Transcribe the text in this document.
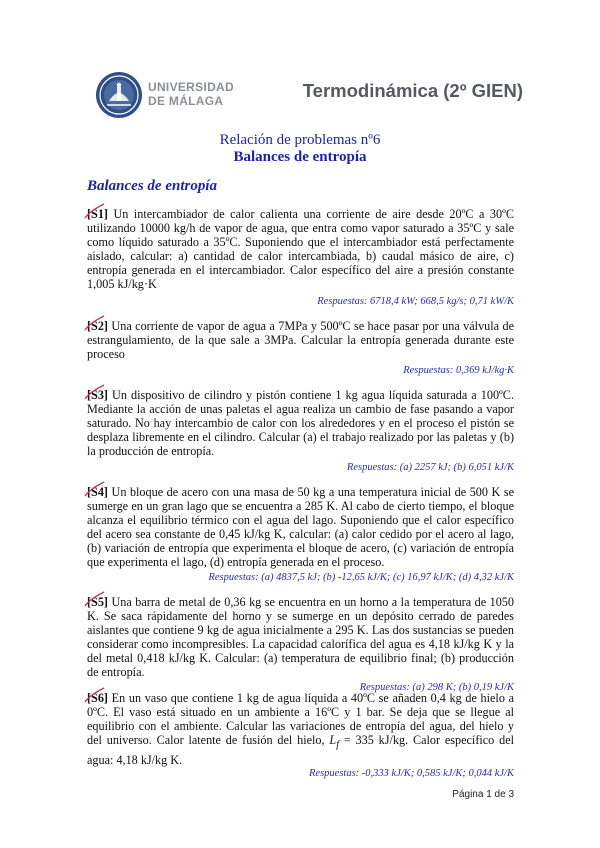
UNIVERSIDAD
DE MÁLAGA	Termodinámica (2º GIEN)
Relación de problemas nº6
Balances de entropía
Balances de entropía
[S1] Un intercambiador de calor calienta una corriente de aire desde 20ºC a 30ºC utilizando 10000 kg/h de vapor de agua, que entra como vapor saturado a 35ºC y sale como líquido saturado a 35ºC. Suponiendo que el intercambiador está perfectamente aislado, calcular: a) cantidad de calor intercambiada, b) caudal másico de aire, c) entropía generada en el intercambiador. Calor específico del aire a presión constante 1,005 kJ/kg·K
Respuestas: 6718,4 kW; 668,5 kg/s; 0,71 kW/K
[S2] Una corriente de vapor de agua a 7MPa y 500ºC se hace pasar por una válvula de estrangulamiento, de la que sale a 3MPa. Calcular la entropía generada durante este proceso
Respuestas: 0,369 kJ/kg·K
[S3] Un dispositivo de cilindro y pistón contiene 1 kg agua líquida saturada a 100ºC. Mediante la acción de unas paletas el agua realiza un cambio de fase pasando a vapor saturado. No hay intercambio de calor con los alrededores y en el proceso el pistón se desplaza libremente en el cilindro. Calcular (a) el trabajo realizado por las paletas y (b) la producción de entropía.
Respuestas: (a) 2257 kJ; (b) 6,051 kJ/K
[S4] Un bloque de acero con una masa de 50 kg a una temperatura inicial de 500 K se sumerge en un gran lago que se encuentra a 285 K. Al cabo de cierto tiempo, el bloque alcanza el equilibrio térmico con el agua del lago. Suponiendo que el calor específico del acero sea constante de 0,45 kJ/kg K, calcular: (a) calor cedido por el acero al lago, (b) variación de entropía que experimenta el bloque de acero, (c) variación de entropía que experimenta el lago, (d) entropía generada en el proceso.
Respuestas: (a) 4837,5 kJ; (b) -12,65 kJ/K; (c) 16,97 kJ/K; (d) 4,32 kJ/K
[S5] Una barra de metal de 0,36 kg se encuentra en un horno a la temperatura de 1050 K. Se saca rápidamente del horno y se sumerge en un depósito cerrado de paredes aislantes que contiene 9 kg de agua inicialmente a 295 K. Las dos sustancias se pueden considerar como incompresibles. La capacidad calorífica del agua es 4,18 kJ/kg K y la del metal 0,418 kJ/kg K. Calcular: (a) temperatura de equilibrio final; (b) producción de entropía.
Respuestas: (a) 298 K; (b) 0,19 kJ/K
[S6] En un vaso que contiene 1 kg de agua líquida a 40ºC se añaden 0,4 kg de hielo a 0ºC. El vaso está situado en un ambiente a 16ºC y 1 bar. Se deja que se llegue al equilibrio con el ambiente. Calcular las variaciones de entropía del agua, del hielo y del universo. Calor latente de fusión del hielo, $L_f = 335$ kJ/kg. Calor específico del agua: 4,18 kJ/kg K.
Respuestas: -0,333 kJ/K; 0,585 kJ/K; 0,044 kJ/K
Página 1 de 3
